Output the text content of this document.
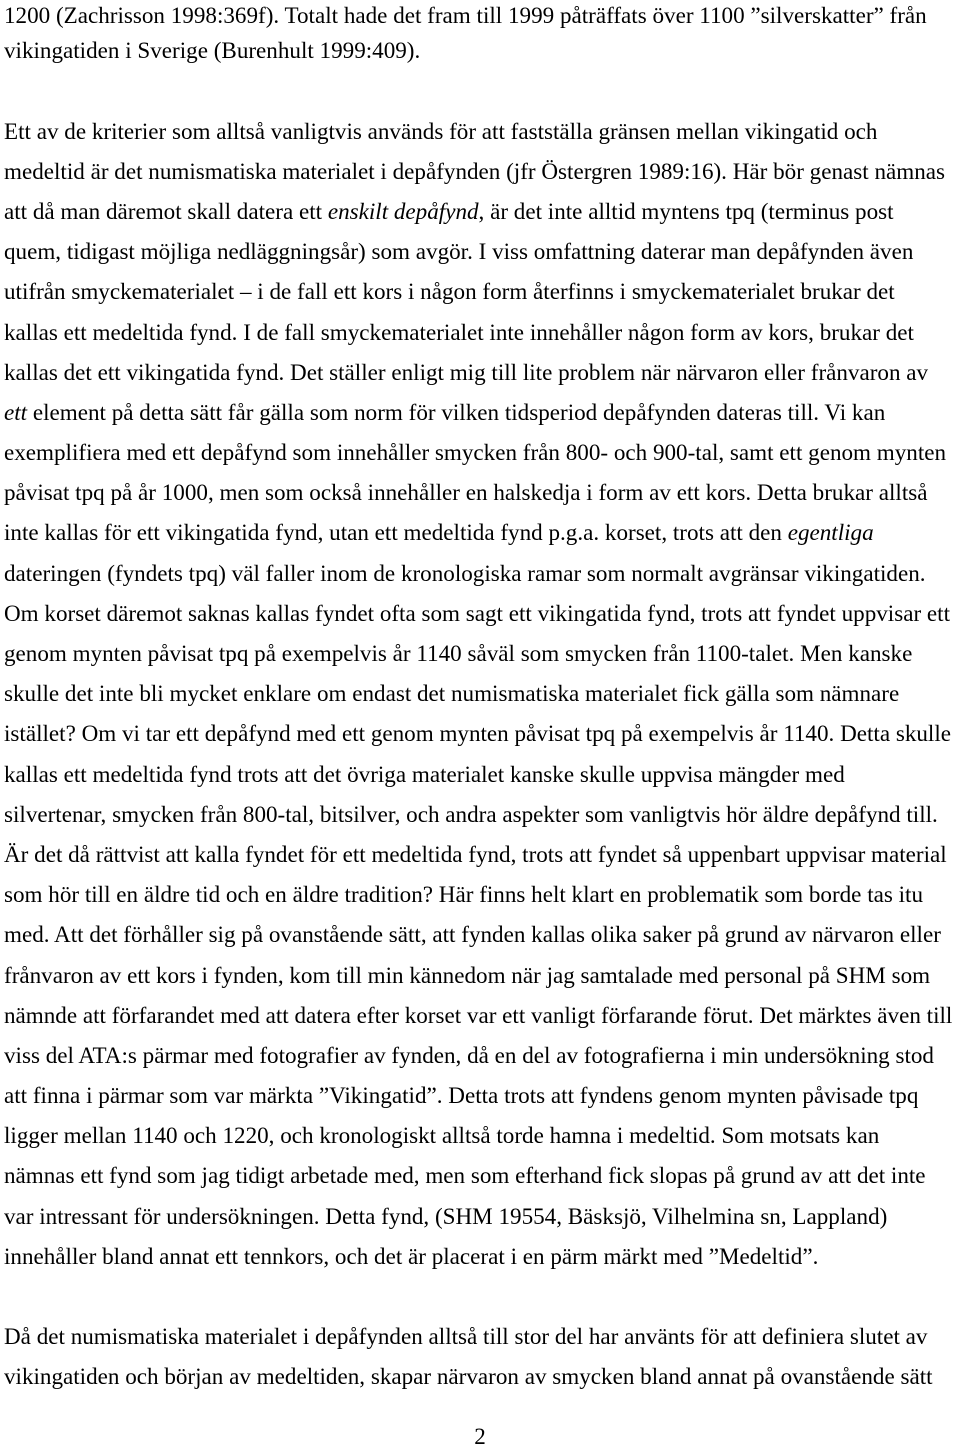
1200 (Zachrisson 1998:369f). Totalt hade det fram till 1999 påträffats över 1100 ”silverskatter” från
vikingatiden i Sverige (Burenhult 1999:409).
Ett av de kriterier som alltså vanligtvis används för att fastställa gränsen mellan vikingatid och
medeltid är det numismatiska materialet i depåfynden (jfr Östergren 1989:16). Här bör genast nämnas
att då man däremot skall datera ett enskilt depåfynd, är det inte alltid myntens tpq (terminus post
quem, tidigast möjliga nedläggningsår) som avgör. I viss omfattning daterar man depåfynden även
utifrån smyckematerialet – i de fall ett kors i någon form återfinns i smyckematerialet brukar det
kallas ett medeltida fynd. I de fall smyckematerialet inte innehåller någon form av kors, brukar det
kallas det ett vikingatida fynd. Det ställer enligt mig till lite problem när närvaron eller frånvaron av
ett element på detta sätt får gälla som norm för vilken tidsperiod depåfynden dateras till. Vi kan
exemplifiera med ett depåfynd som innehåller smycken från 800- och 900-tal, samt ett genom mynten
påvisat tpq på år 1000, men som också innehåller en halskedja i form av ett kors. Detta brukar alltså
inte kallas för ett vikingatida fynd, utan ett medeltida fynd p.g.a. korset, trots att den egentliga
dateringen (fyndets tpq) väl faller inom de kronologiska ramar som normalt avgränsar vikingatiden.
Om korset däremot saknas kallas fyndet ofta som sagt ett vikingatida fynd, trots att fyndet uppvisar ett
genom mynten påvisat tpq på exempelvis år 1140 såväl som smycken från 1100-talet. Men kanske
skulle det inte bli mycket enklare om endast det numismatiska materialet fick gälla som nämnare
istället? Om vi tar ett depåfynd med ett genom mynten påvisat tpq på exempelvis år 1140. Detta skulle
kallas ett medeltida fynd trots att det övriga materialet kanske skulle uppvisa mängder med
silvertenar, smycken från 800-tal, bitsilver, och andra aspekter som vanligtvis hör äldre depåfynd till.
Är det då rättvist att kalla fyndet för ett medeltida fynd, trots att fyndet så uppenbart uppvisar material
som hör till en äldre tid och en äldre tradition? Här finns helt klart en problematik som borde tas itu
med. Att det förhåller sig på ovanstående sätt, att fynden kallas olika saker på grund av närvaron eller
frånvaron av ett kors i fynden, kom till min kännedom när jag samtalade med personal på SHM som
nämnde att förfarandet med att datera efter korset var ett vanligt förfarande förut. Det märktes även till
viss del ATA:s pärmar med fotografier av fynden, då en del av fotografierna i min undersökning stod
att finna i pärmar som var märkta ”Vikingatid”. Detta trots att fyndens genom mynten påvisade tpq
ligger mellan 1140 och 1220, och kronologiskt alltså torde hamna i medeltid. Som motsats kan
nämnas ett fynd som jag tidigt arbetade med, men som efterhand fick slopas på grund av att det inte
var intressant för undersökningen. Detta fynd, (SHM 19554, Bäsksjö, Vilhelmina sn, Lappland)
innehåller bland annat ett tennkors, och det är placerat i en pärm märkt med ”Medeltid”.
Då det numismatiska materialet i depåfynden alltså till stor del har använts för att definiera slutet av
vikingatiden och början av medeltiden, skapar närvaron av smycken bland annat på ovanstående sätt
2
